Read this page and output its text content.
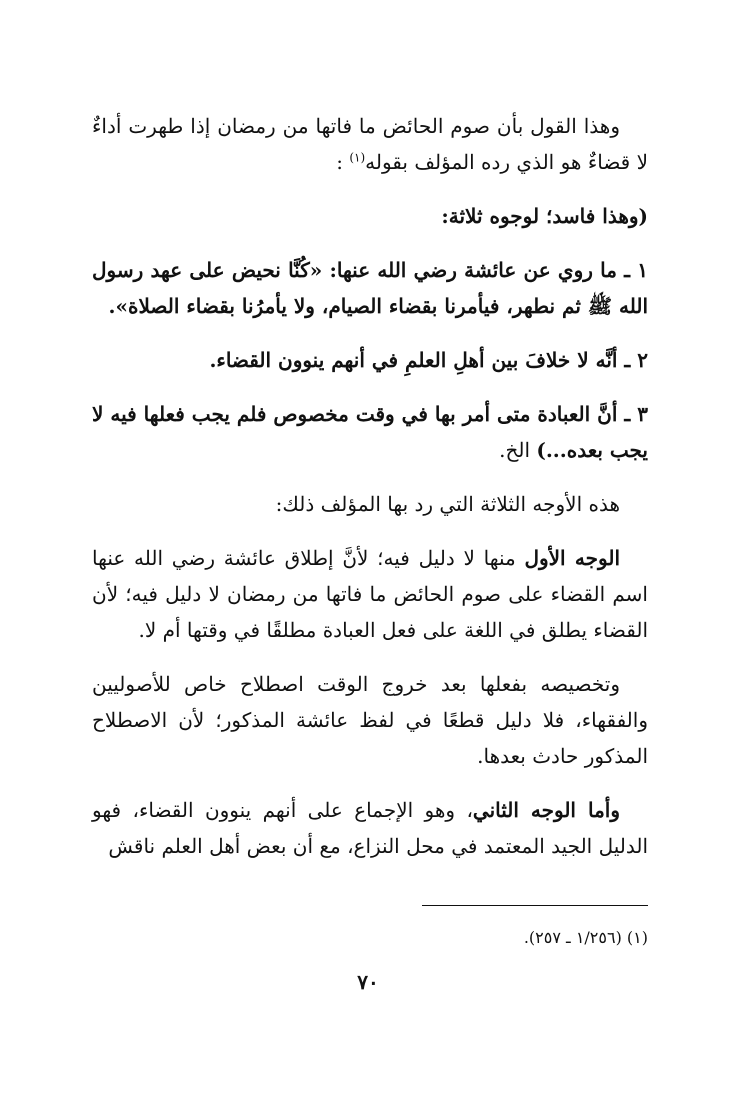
وهذا القول بأن صوم الحائض ما فاتها من رمضان إذا طهرت أداءٌ لا قضاءٌ هو الذي رده المؤلف بقوله$^{(١)}$ :

(وهذا فاسد؛ لوجوه ثلاثة:

١ ـ ما روي عن عائشة رضي الله عنها: «كُنَّا نحيض على عهد رسول الله ﷺ ثم نطهر، فيأمرنا بقضاء الصيام، ولا يأمرُنا بقضاء الصلاة».

٢ ـ أنَّه لا خلافَ بين أهلِ العلمِ في أنهم ينوون القضاء.

٣ ـ أنَّ العبادة متى أمر بها في وقت مخصوص فلم يجب فعلها فيه لا يجب بعده...) الخ.

هذه الأوجه الثلاثة التي رد بها المؤلف ذلك:

الوجه الأول منها لا دليل فيه؛ لأنَّ إطلاق عائشة رضي الله عنها اسم القضاء على صوم الحائض ما فاتها من رمضان لا دليل فيه؛ لأن القضاء يطلق في اللغة على فعل العبادة مطلقًا في وقتها أم لا.

وتخصيصه بفعلها بعد خروج الوقت اصطلاح خاص للأصوليين والفقهاء، فلا دليل قطعًا في لفظ عائشة المذكور؛ لأن الاصطلاح المذكور حادث بعدها.

وأما الوجه الثاني، وهو الإجماع على أنهم ينوون القضاء، فهو الدليل الجيد المعتمد في محل النزاع، مع أن بعض أهل العلم ناقش

(١) (١/٢٥٦ ـ ٢٥٧).
٧٠
